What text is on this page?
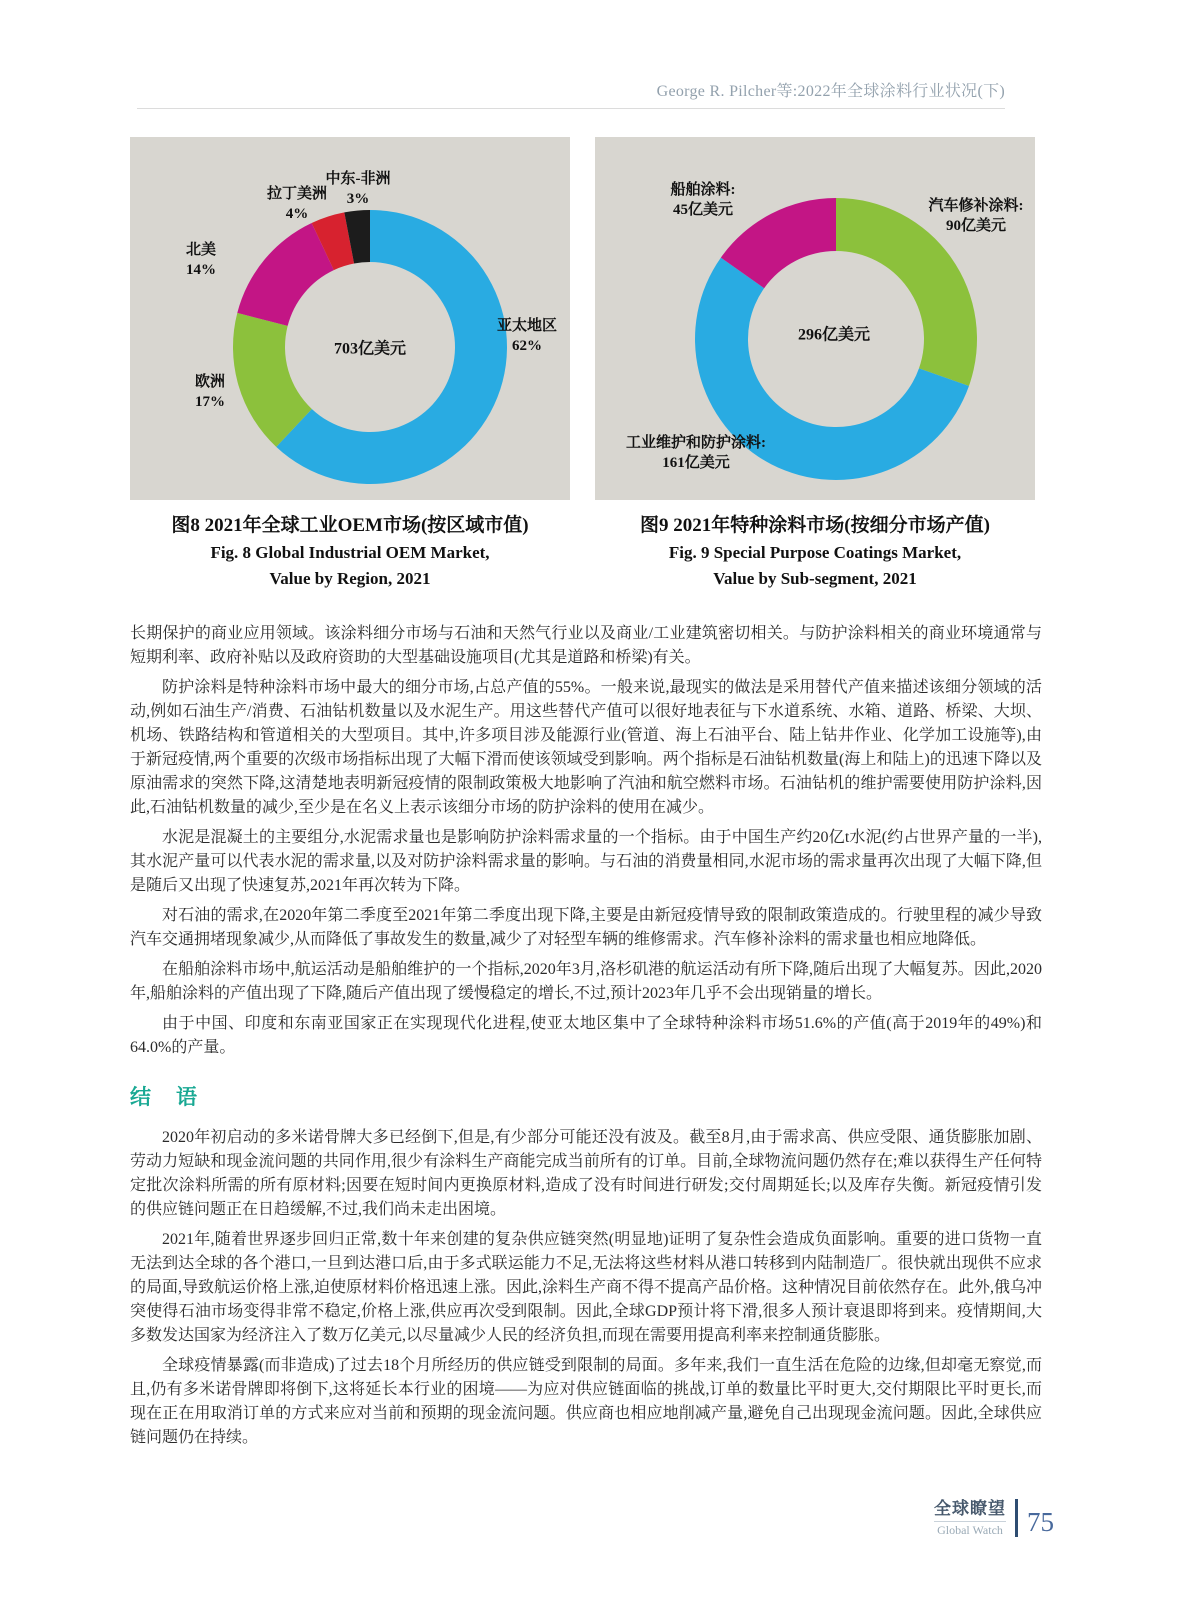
George R. Pilcher等:2022年全球涂料行业状况(下)
亚太地区
62%
欧洲
17%
北美
14%
拉丁美洲
4%
中东-非洲
3%
703亿美元
汽车修补涂料:
90亿美元
工业维护和防护涂料:
161亿美元
船舶涂料:
45亿美元
296亿美元
图8 2021年全球工业OEM市场(按区域市值)
Fig. 8 Global Industrial OEM Market,
Value by Region, 2021
图9 2021年特种涂料市场(按细分市场产值)
Fig. 9 Special Purpose Coatings Market,
Value by Sub-segment, 2021

长期保护的商业应用领域。该涂料细分市场与石油和天然气行业以及商业/工业建筑密切相关。与防护涂料相关的商业环境通常与短期利率、政府补贴以及政府资助的大型基础设施项目(尤其是道路和桥梁)有关。

防护涂料是特种涂料市场中最大的细分市场,占总产值的55%。一般来说,最现实的做法是采用替代产值来描述该细分领域的活动,例如石油生产/消费、石油钻机数量以及水泥生产。用这些替代产值可以很好地表征与下水道系统、水箱、道路、桥梁、大坝、机场、铁路结构和管道相关的大型项目。其中,许多项目涉及能源行业(管道、海上石油平台、陆上钻井作业、化学加工设施等),由于新冠疫情,两个重要的次级市场指标出现了大幅下滑而使该领域受到影响。两个指标是石油钻机数量(海上和陆上)的迅速下降以及原油需求的突然下降,这清楚地表明新冠疫情的限制政策极大地影响了汽油和航空燃料市场。石油钻机的维护需要使用防护涂料,因此,石油钻机数量的减少,至少是在名义上表示该细分市场的防护涂料的使用在减少。

水泥是混凝土的主要组分,水泥需求量也是影响防护涂料需求量的一个指标。由于中国生产约20亿t水泥(约占世界产量的一半),其水泥产量可以代表水泥的需求量,以及对防护涂料需求量的影响。与石油的消费量相同,水泥市场的需求量再次出现了大幅下降,但是随后又出现了快速复苏,2021年再次转为下降。

对石油的需求,在2020年第二季度至2021年第二季度出现下降,主要是由新冠疫情导致的限制政策造成的。行驶里程的减少导致汽车交通拥堵现象减少,从而降低了事故发生的数量,减少了对轻型车辆的维修需求。汽车修补涂料的需求量也相应地降低。

在船舶涂料市场中,航运活动是船舶维护的一个指标,2020年3月,洛杉矶港的航运活动有所下降,随后出现了大幅复苏。因此,2020年,船舶涂料的产值出现了下降,随后产值出现了缓慢稳定的增长,不过,预计2023年几乎不会出现销量的增长。

由于中国、印度和东南亚国家正在实现现代化进程,使亚太地区集中了全球特种涂料市场51.6%的产值(高于2019年的49%)和64.0%的产量。

结　语

2020年初启动的多米诺骨牌大多已经倒下,但是,有少部分可能还没有波及。截至8月,由于需求高、供应受限、通货膨胀加剧、劳动力短缺和现金流问题的共同作用,很少有涂料生产商能完成当前所有的订单。目前,全球物流问题仍然存在;难以获得生产任何特定批次涂料所需的所有原材料;因要在短时间内更换原材料,造成了没有时间进行研发;交付周期延长;以及库存失衡。新冠疫情引发的供应链问题正在日趋缓解,不过,我们尚未走出困境。

2021年,随着世界逐步回归正常,数十年来创建的复杂供应链突然(明显地)证明了复杂性会造成负面影响。重要的进口货物一直无法到达全球的各个港口,一旦到达港口后,由于多式联运能力不足,无法将这些材料从港口转移到内陆制造厂。很快就出现供不应求的局面,导致航运价格上涨,迫使原材料价格迅速上涨。因此,涂料生产商不得不提高产品价格。这种情况目前依然存在。此外,俄乌冲突使得石油市场变得非常不稳定,价格上涨,供应再次受到限制。因此,全球GDP预计将下滑,很多人预计衰退即将到来。疫情期间,大多数发达国家为经济注入了数万亿美元,以尽量减少人民的经济负担,而现在需要用提高利率来控制通货膨胀。

全球疫情暴露(而非造成)了过去18个月所经历的供应链受到限制的局面。多年来,我们一直生活在危险的边缘,但却毫无察觉,而且,仍有多米诺骨牌即将倒下,这将延长本行业的困境——为应对供应链面临的挑战,订单的数量比平时更大,交付期限比平时更长,而现在正在用取消订单的方式来应对当前和预期的现金流问题。供应商也相应地削减产量,避免自己出现现金流问题。因此,全球供应链问题仍在持续。

全球瞭望
Global Watch 75
